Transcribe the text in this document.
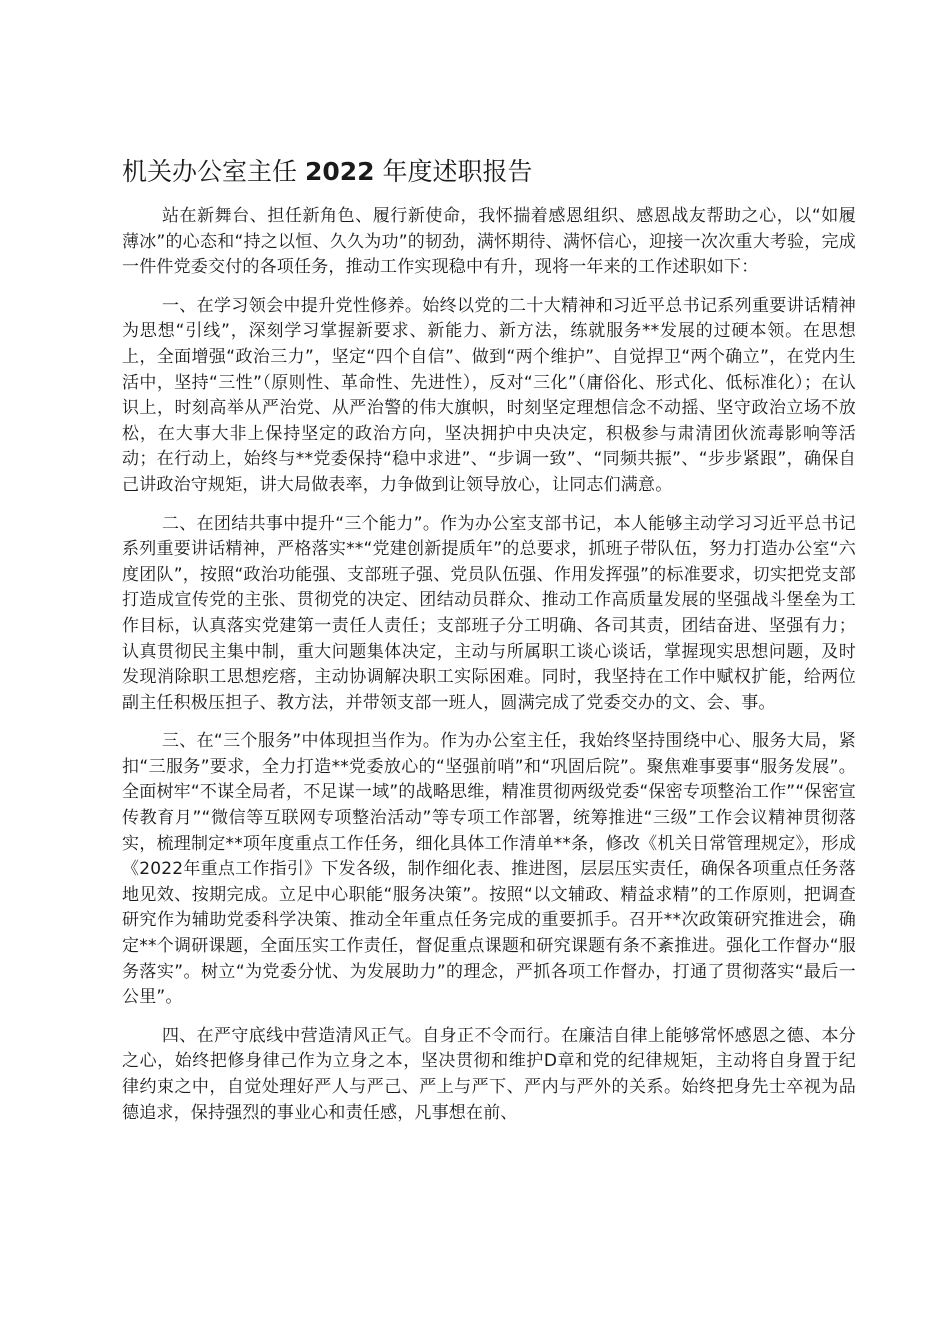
机关办公室主任 2022 年度述职报告

站在新舞台、担任新角色、履行新使命，我怀揣着感恩组织、感恩战友帮助之心，以“如履薄冰”的心态和“持之以恒、久久为功”的韧劲，满怀期待、满怀信心，迎接一次次重大考验，完成一件件党委交付的各项任务，推动工作实现稳中有升，现将一年来的工作述职如下：

一、在学习领会中提升党性修养。始终以党的二十大精神和习近平总书记系列重要讲话精神为思想“引线”，深刻学习掌握新要求、新能力、新方法，练就服务**发展的过硬本领。在思想上，全面增强“政治三力”，坚定“四个自信”、做到“两个维护”、自觉捍卫“两个确立”，在党内生活中，坚持“三性”（原则性、革命性、先进性），反对“三化”（庸俗化、形式化、低标准化）；在认识上，时刻高举从严治党、从严治警的伟大旗帜，时刻坚定理想信念不动摇、坚守政治立场不放松，在大事大非上保持坚定的政治方向，坚决拥护中央决定，积极参与肃清团伙流毒影响等活动；在行动上，始终与**党委保持“稳中求进”、“步调一致”、“同频共振”、“步步紧跟”，确保自己讲政治守规矩，讲大局做表率，力争做到让领导放心，让同志们满意。

二、在团结共事中提升“三个能力”。作为办公室支部书记，本人能够主动学习习近平总书记系列重要讲话精神，严格落实**“党建创新提质年”的总要求，抓班子带队伍，努力打造办公室“六度团队”，按照“政治功能强、支部班子强、党员队伍强、作用发挥强”的标准要求，切实把党支部打造成宣传党的主张、贯彻党的决定、团结动员群众、推动工作高质量发展的坚强战斗堡垒为工作目标，认真落实党建第一责任人责任；支部班子分工明确、各司其责，团结奋进、坚强有力；认真贯彻民主集中制，重大问题集体决定，主动与所属职工谈心谈话，掌握现实思想问题，及时发现消除职工思想疙瘩，主动协调解决职工实际困难。同时，我坚持在工作中赋权扩能，给两位副主任积极压担子、教方法，并带领支部一班人，圆满完成了党委交办的文、会、事。

三、在“三个服务”中体现担当作为。作为办公室主任，我始终坚持围绕中心、服务大局，紧扣“三服务”要求，全力打造**党委放心的“坚强前哨”和“巩固后院”。聚焦难事要事“服务发展”。全面树牢“不谋全局者，不足谋一域”的战略思维，精准贯彻两级党委“保密专项整治工作”“保密宣传教育月”“微信等互联网专项整治活动”等专项工作部署，统筹推进“三级”工作会议精神贯彻落实，梳理制定**项年度重点工作任务，细化具体工作清单**条，修改《机关日常管理规定》，形成《2022年重点工作指引》下发各级，制作细化表、推进图，层层压实责任，确保各项重点任务落地见效、按期完成。立足中心职能“服务决策”。按照“以文辅政、精益求精”的工作原则，把调查研究作为辅助党委科学决策、推动全年重点任务完成的重要抓手。召开**次政策研究推进会，确定**个调研课题，全面压实工作责任，督促重点课题和研究课题有条不紊推进。强化工作督办“服务落实”。树立“为党委分忧、为发展助力”的理念，严抓各项工作督办，打通了贯彻落实“最后一公里”。

四、在严守底线中营造清风正气。自身正不令而行。在廉洁自律上能够常怀感恩之德、本分之心，始终把修身律己作为立身之本，坚决贯彻和维护D章和党的纪律规矩，主动将自身置于纪律约束之中，自觉处理好严人与严己、严上与严下、严内与严外的关系。始终把身先士卒视为品德追求，保持强烈的事业心和责任感，凡事想在前、
